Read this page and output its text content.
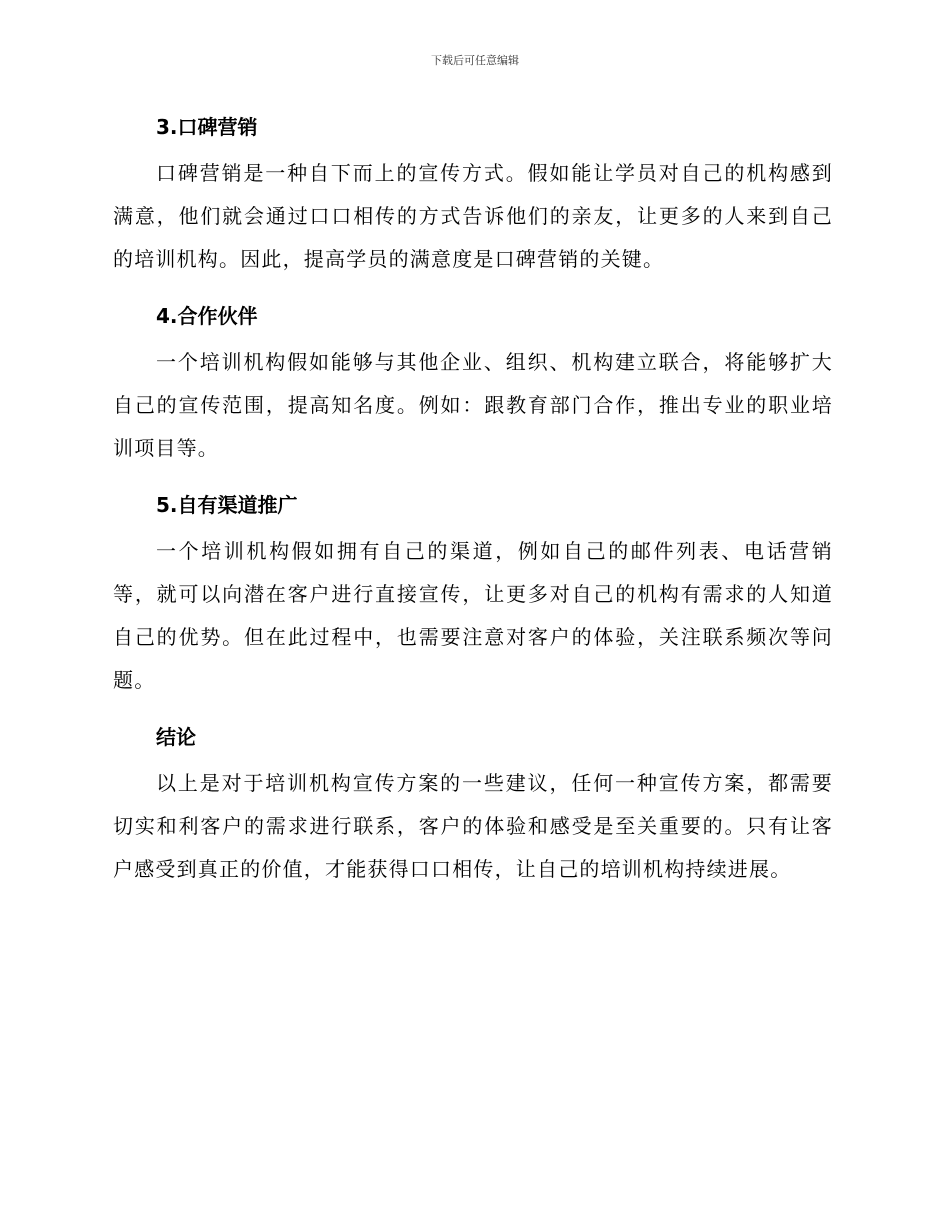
下载后可任意编辑
3.口碑营销

口碑营销是一种自下而上的宣传方式。假如能让学员对自己的机构感到满意，他们就会通过口口相传的方式告诉他们的亲友，让更多的人来到自己的培训机构。因此，提高学员的满意度是口碑营销的关键。

4.合作伙伴

一个培训机构假如能够与其他企业、组织、机构建立联合，将能够扩大自己的宣传范围，提高知名度。例如：跟教育部门合作，推出专业的职业培训项目等。

5.自有渠道推广

一个培训机构假如拥有自己的渠道，例如自己的邮件列表、电话营销等，就可以向潜在客户进行直接宣传，让更多对自己的机构有需求的人知道自己的优势。但在此过程中，也需要注意对客户的体验，关注联系频次等问题。

结论

以上是对于培训机构宣传方案的一些建议，任何一种宣传方案，都需要切实和利客户的需求进行联系，客户的体验和感受是至关重要的。只有让客户感受到真正的价值，才能获得口口相传，让自己的培训机构持续进展。
